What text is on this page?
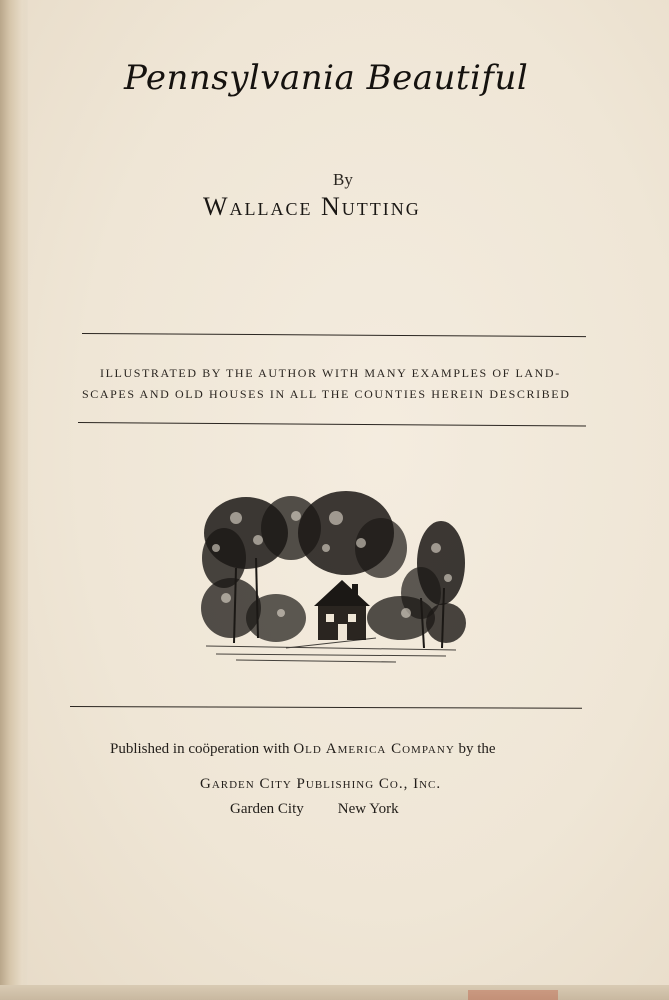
Pennsylvania Beautiful
By
Wallace Nutting
ILLUSTRATED BY THE AUTHOR WITH MANY EXAMPLES OF LAND-
SCAPES AND OLD HOUSES IN ALL THE COUNTIES HEREIN DESCRIBED
Published in coöperation with Old America Company by the
Garden City Publishing Co., Inc.
Garden City New York
